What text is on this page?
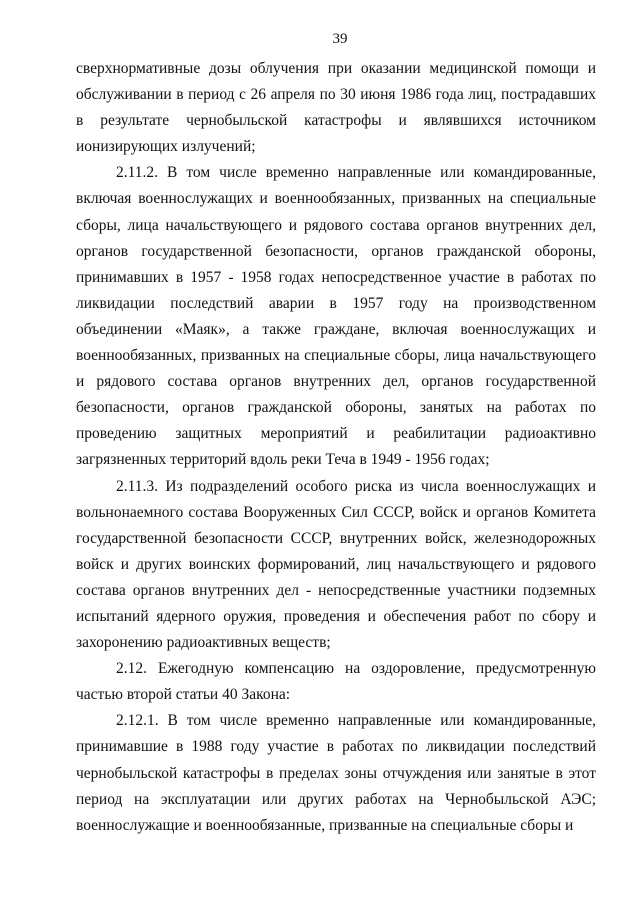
39

сверхнормативные дозы облучения при оказании медицинской помощи и обслуживании в период с 26 апреля по 30 июня 1986 года лиц, пострадавших в результате чернобыльской катастрофы и являвшихся источником ионизирующих излучений;

2.11.2. В том числе временно направленные или командированные, включая военнослужащих и военнообязанных, призванных на специальные сборы, лица начальствующего и рядового состава органов внутренних дел, органов государственной безопасности, органов гражданской обороны, принимавших в 1957 - 1958 годах непосредственное участие в работах по ликвидации последствий аварии в 1957 году на производственном объединении «Маяк», а также граждане, включая военнослужащих и военнообязанных, призванных на специальные сборы, лица начальствующего и рядового состава органов внутренних дел, органов государственной безопасности, органов гражданской обороны, занятых на работах по проведению защитных мероприятий и реабилитации радиоактивно загрязненных территорий вдоль реки Теча в 1949 - 1956 годах;

2.11.3. Из подразделений особого риска из числа военнослужащих и вольнонаемного состава Вооруженных Сил СССР, войск и органов Комитета государственной безопасности СССР, внутренних войск, железнодорожных войск и других воинских формирований, лиц начальствующего и рядового состава органов внутренних дел - непосредственные участники подземных испытаний ядерного оружия, проведения и обеспечения работ по сбору и захоронению радиоактивных веществ;

2.12. Ежегодную компенсацию на оздоровление, предусмотренную частью второй статьи 40 Закона:

2.12.1. В том числе временно направленные или командированные, принимавшие в 1988 году участие в работах по ликвидации последствий чернобыльской катастрофы в пределах зоны отчуждения или занятые в этот период на эксплуатации или других работах на Чернобыльской АЭС; военнослужащие и военнообязанные, призванные на специальные сборы и
